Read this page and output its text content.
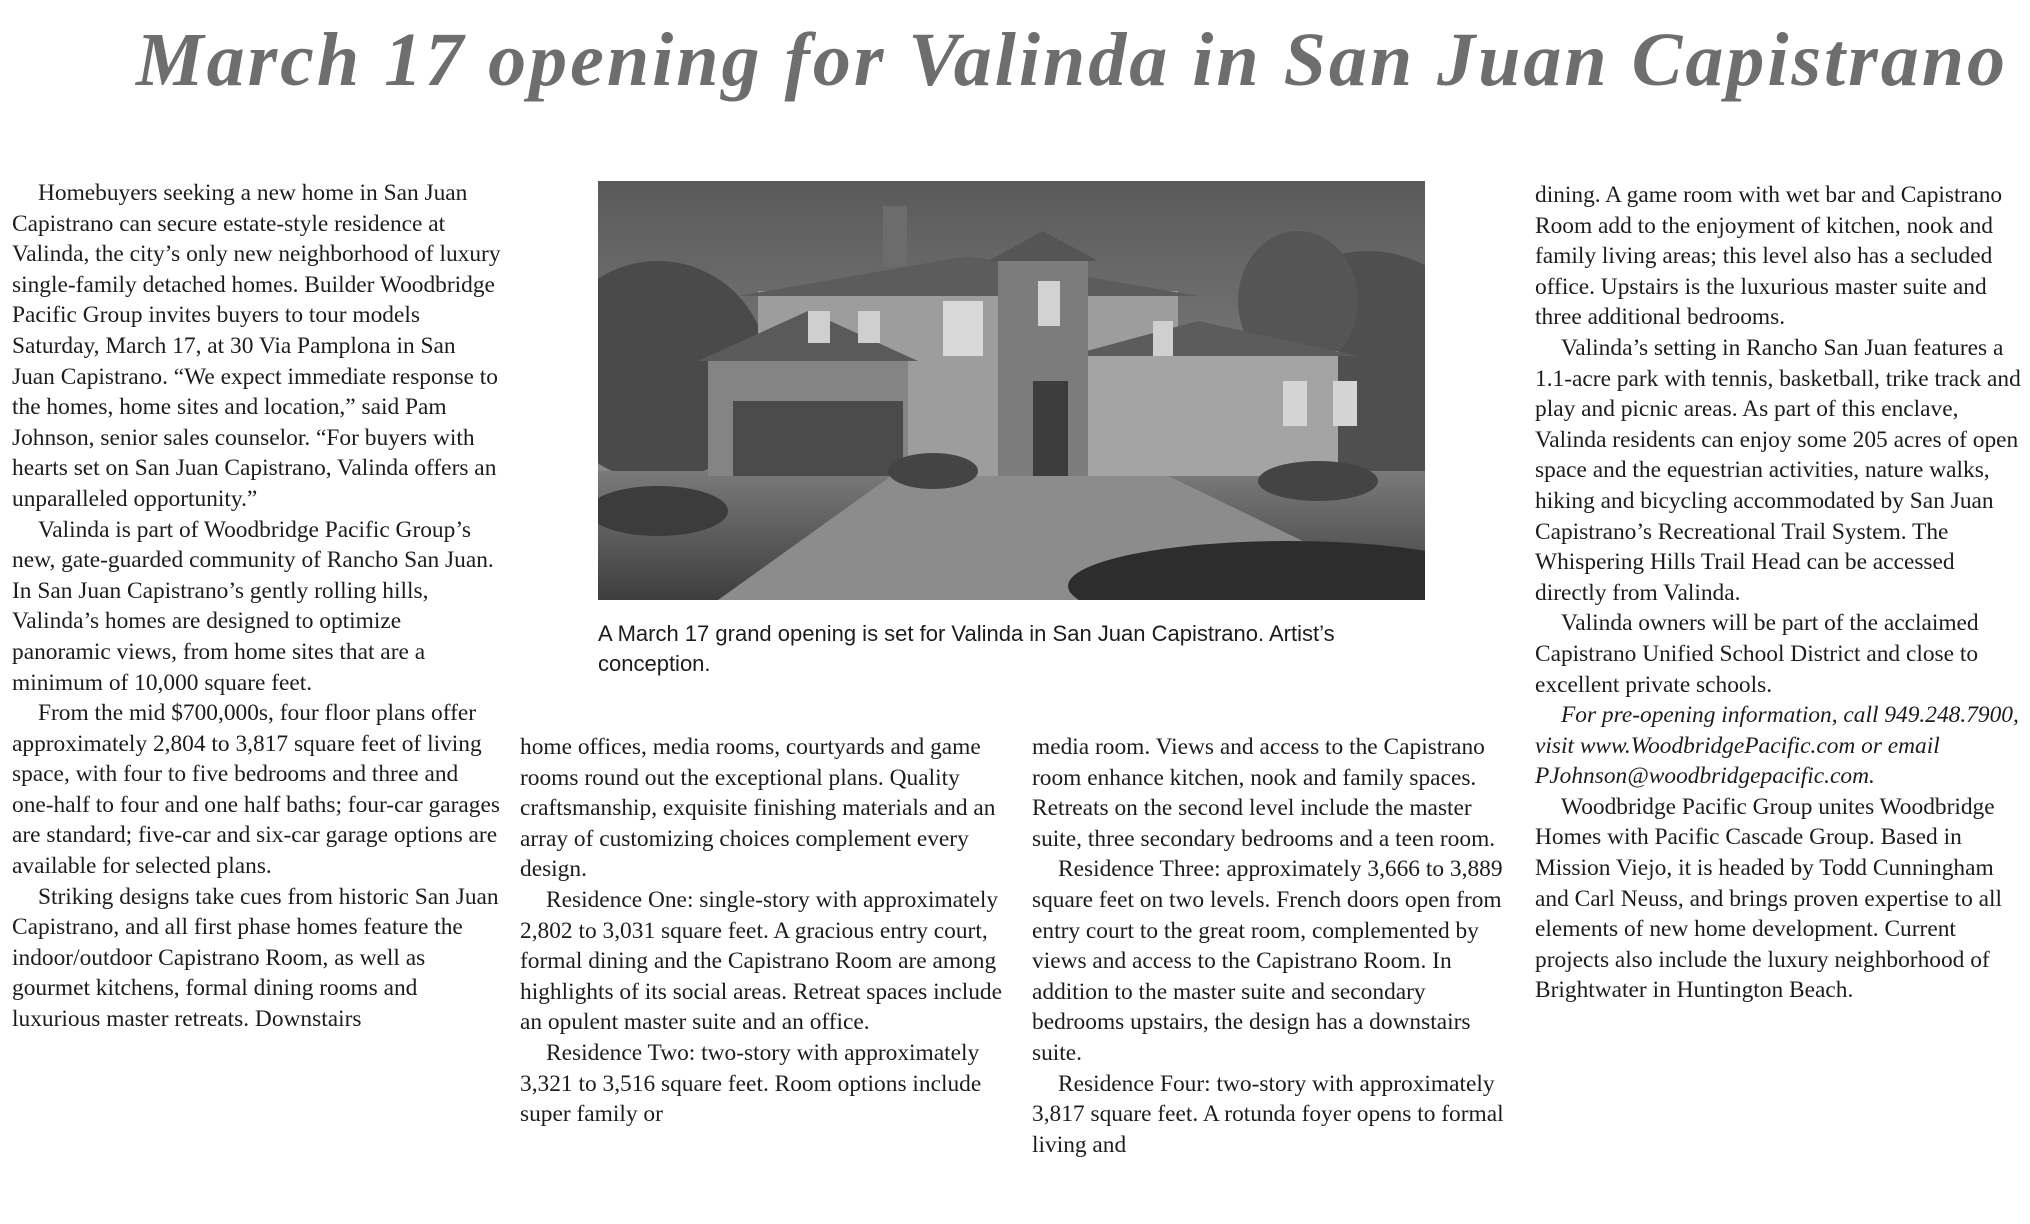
March 17 opening for Valinda in San Juan Capistrano

Homebuyers seeking a new home in San Juan Capistrano can secure estate-style residence at Valinda, the city’s only new neighborhood of luxury single-family detached homes. Builder Woodbridge Pacific Group invites buyers to tour models Saturday, March 17, at 30 Via Pamplona in San Juan Capistrano. “We expect immediate response to the homes, home sites and location,” said Pam Johnson, senior sales counselor. “For buyers with hearts set on San Juan Capistrano, Valinda offers an unparalleled opportunity.”

Valinda is part of Woodbridge Pacific Group’s new, gate-guarded community of Rancho San Juan. In San Juan Capistrano’s gently rolling hills, Valinda’s homes are designed to optimize panoramic views, from home sites that are a minimum of 10,000 square feet.

From the mid $700,000s, four floor plans offer approximately 2,804 to 3,817 square feet of living space, with four to five bedrooms and three and one-half to four and one half baths; four-car garages are standard; five-car and six-car garage options are available for selected plans.

Striking designs take cues from historic San Juan Capistrano, and all first phase homes feature the indoor/outdoor Capistrano Room, as well as gourmet kitchens, formal dining rooms and luxurious master retreats. Downstairs

A March 17 grand opening is set for Valinda in San Juan Capistrano. Artist’s conception.

home offices, media rooms, courtyards and game rooms round out the exceptional plans. Quality craftsmanship, exquisite finishing materials and an array of customizing choices complement every design.

Residence One: single-story with approximately 2,802 to 3,031 square feet. A gracious entry court, formal dining and the Capistrano Room are among highlights of its social areas. Retreat spaces include an opulent master suite and an office.

Residence Two: two-story with approximately 3,321 to 3,516 square feet. Room options include super family or

media room. Views and access to the Capistrano room enhance kitchen, nook and family spaces. Retreats on the second level include the master suite, three secondary bedrooms and a teen room.

Residence Three: approximately 3,666 to 3,889 square feet on two levels. French doors open from entry court to the great room, complemented by views and access to the Capistrano Room. In addition to the master suite and secondary bedrooms upstairs, the design has a downstairs suite.

Residence Four: two-story with approximately 3,817 square feet. A rotunda foyer opens to formal living and

dining. A game room with wet bar and Capistrano Room add to the enjoyment of kitchen, nook and family living areas; this level also has a secluded office. Upstairs is the luxurious master suite and three additional bedrooms.

Valinda’s setting in Rancho San Juan features a 1.1-acre park with tennis, basketball, trike track and play and picnic areas. As part of this enclave, Valinda residents can enjoy some 205 acres of open space and the equestrian activities, nature walks, hiking and bicycling accommodated by San Juan Capistrano’s Recreational Trail System. The Whispering Hills Trail Head can be accessed directly from Valinda.

Valinda owners will be part of the acclaimed Capistrano Unified School District and close to excellent private schools.

For pre-opening information, call 949.248.7900, visit www.WoodbridgePacific.com or email PJohnson@woodbridgepacific.com.

Woodbridge Pacific Group unites Woodbridge Homes with Pacific Cascade Group. Based in Mission Viejo, it is headed by Todd Cunningham and Carl Neuss, and brings proven expertise to all elements of new home development. Current projects also include the luxury neighborhood of Brightwater in Huntington Beach.
